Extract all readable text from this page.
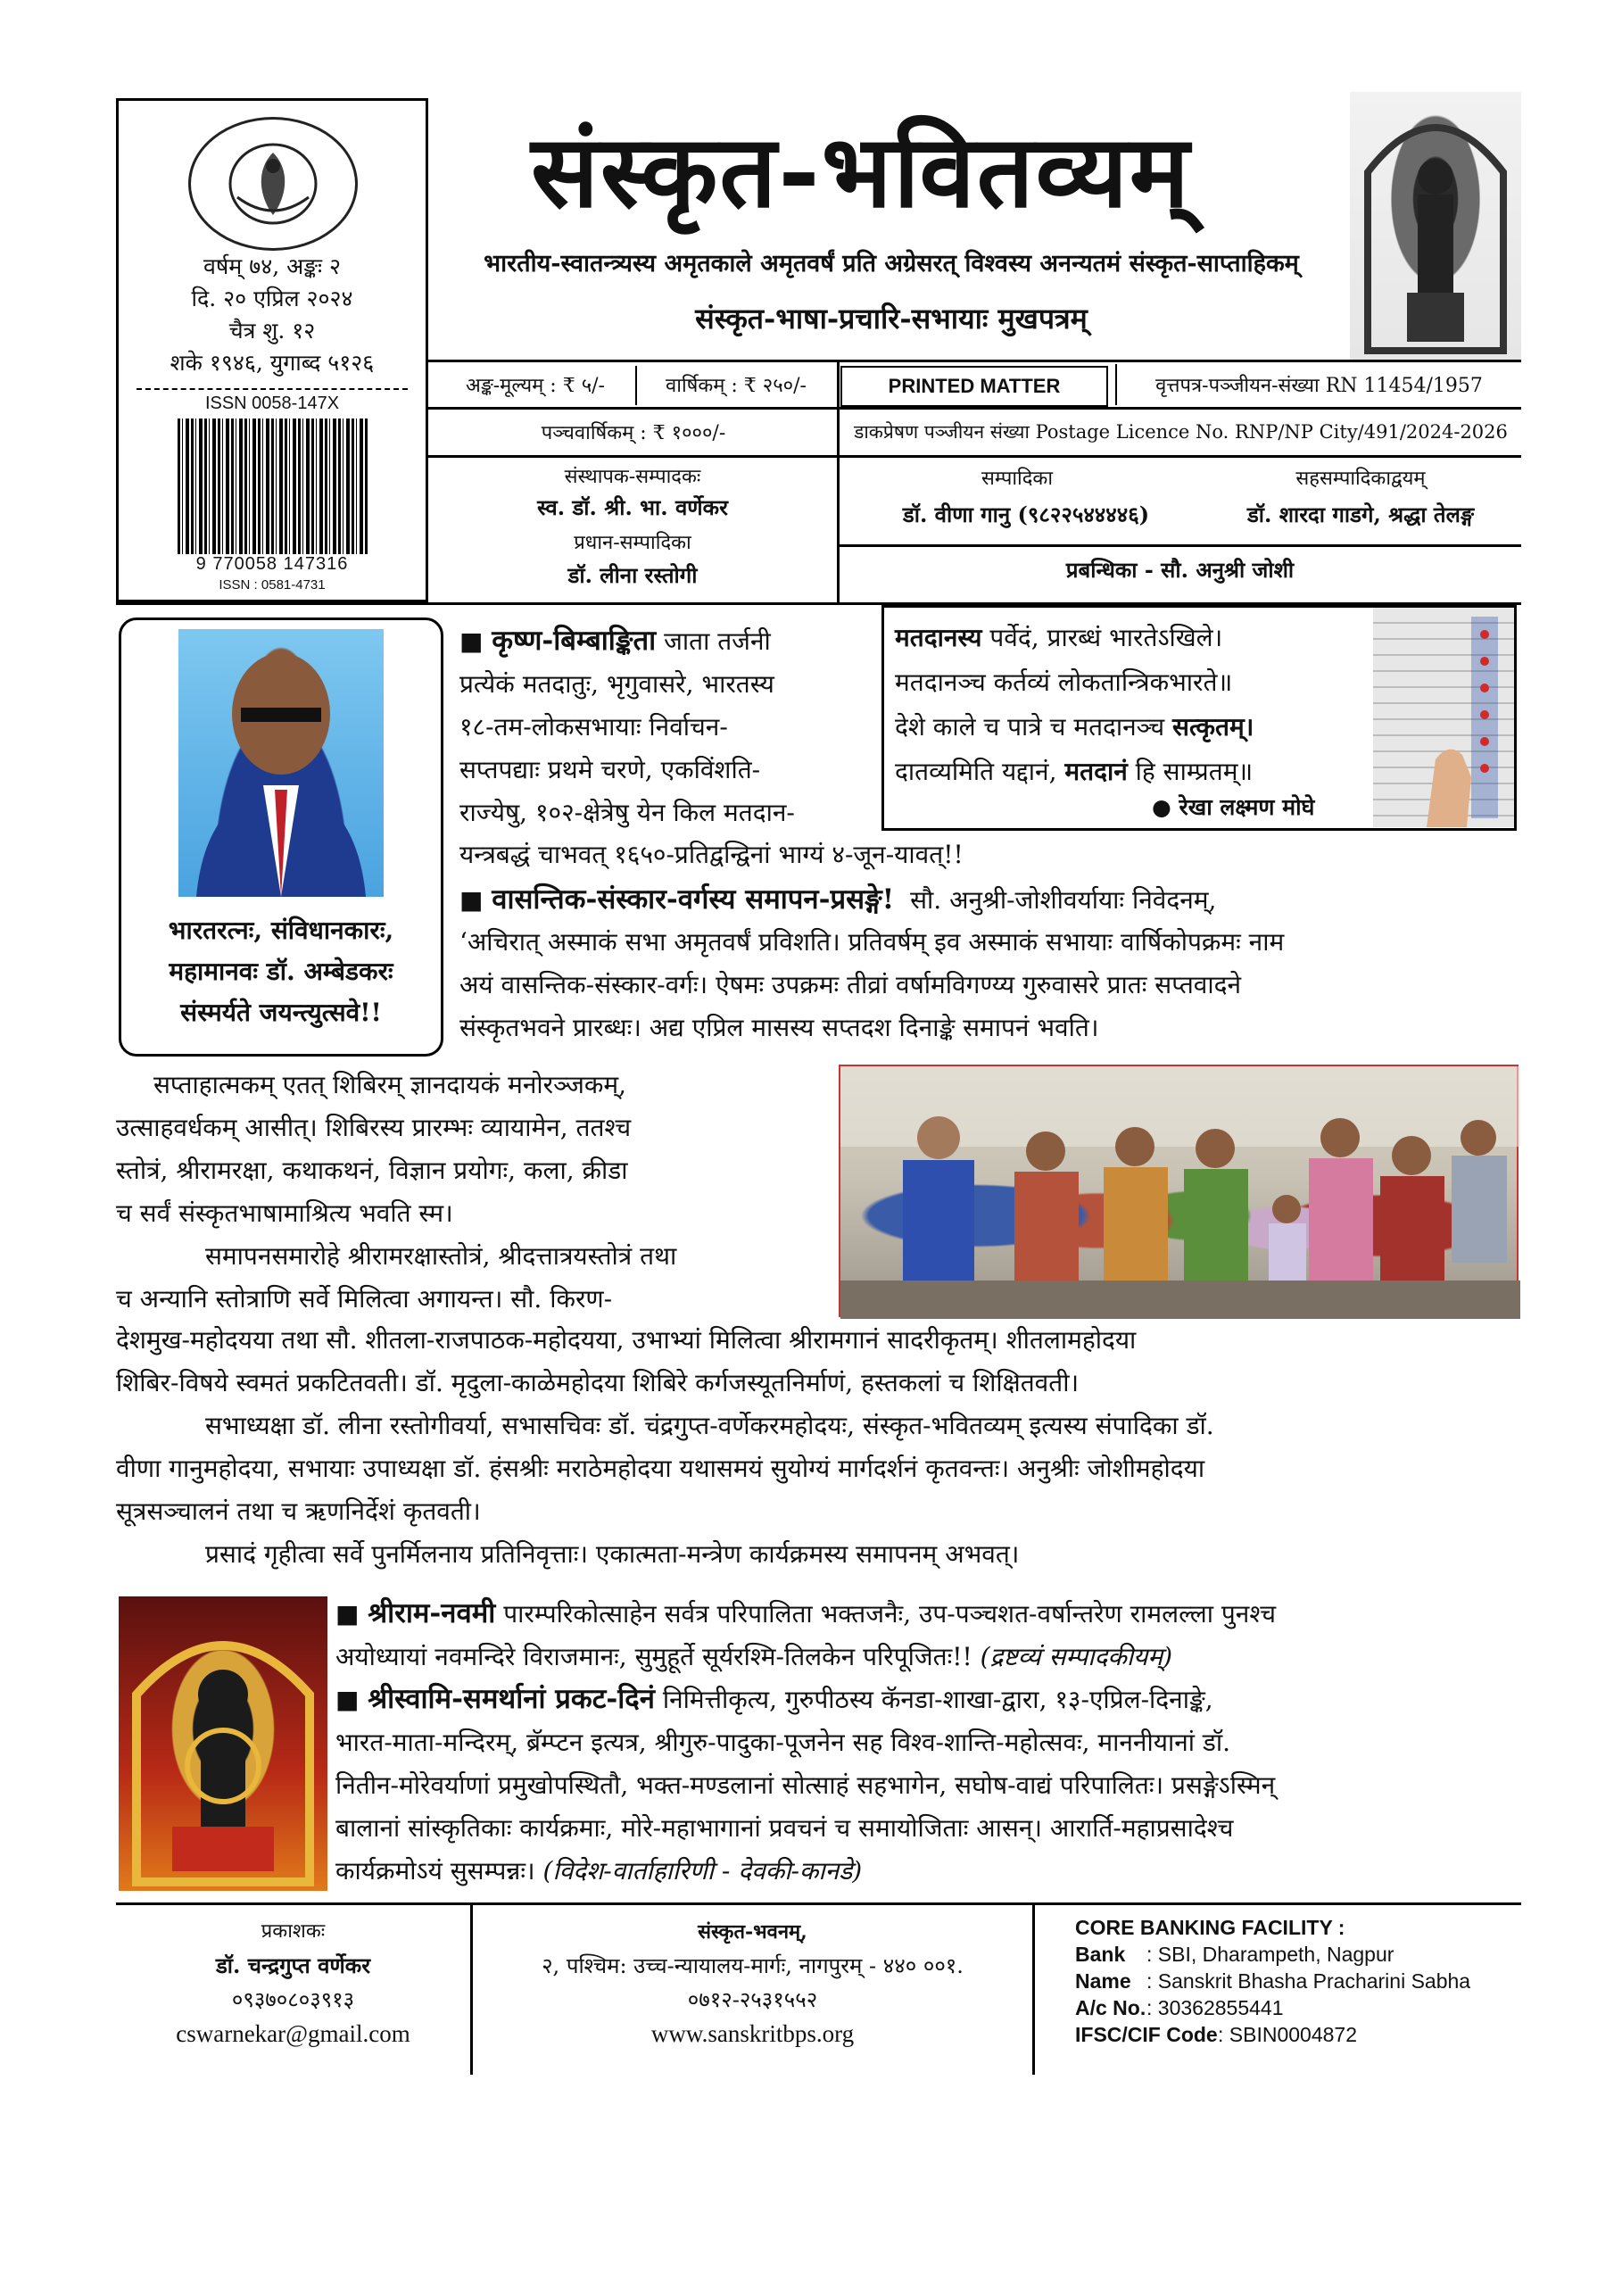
वर्षम् ७४, अङ्कः २
दि. २० एप्रिल २०२४
चैत्र शु. १२
शके १९४६, युगाब्द ५१२६
ISSN 0058-147X
9 770058 147316
ISSN : 0581-4731
संस्कृत-भवितव्यम्
भारतीय-स्वातन्त्र्यस्य अमृतकाले अमृतवर्षं प्रति अग्रेसरत् विश्वस्य अनन्यतमं संस्कृत-साप्ताहिकम्
संस्कृत-भाषा-प्रचारि-सभायाः मुखपत्रम्
अङ्क-मूल्यम् : ₹ ५/-	वार्षिकम् : ₹ २५०/-	PRINTED MATTER	वृत्तपत्र-पञ्जीयन-संख्या RN 11454/1957
पञ्चवार्षिकम् : ₹ १०००/-	डाकप्रेषण पञ्जीयन संख्या Postage Licence No. RNP/NP City/491/2024-2026
संस्थापक-सम्पादकः
स्व. डॉ. श्री. भा. वर्णेकर
प्रधान-सम्पादिका
डॉ. लीना रस्तोगी
सम्पादिका
डॉ. वीणा गानु (९८२२५४४४४६)
सहसम्पादिकाद्वयम्
डॉ. शारदा गाडगे, श्रद्धा तेलङ्ग
प्रबन्धिका - सौ. अनुश्री जोशी
भारतरत्नः, संविधानकारः,
महामानवः डॉ. अम्बेडकरः
संस्मर्यते जयन्त्युत्सवे!!
मतदानस्य पर्वेदं, प्रारब्धं भारतेऽखिले।
मतदानञ्च कर्तव्यं लोकतान्त्रिकभारते॥
देशे काले च पात्रे च मतदानञ्च सत्कृतम्।
दातव्यमिति यद्दानं, मतदानं हि साम्प्रतम्॥
● रेखा लक्ष्मण मोघे
■ कृष्ण-बिम्बाङ्किता जाता तर्जनी
प्रत्येकं मतदातुः, भृगुवासरे, भारतस्य
१८-तम-लोकसभायाः निर्वाचन-
सप्तपद्याः प्रथमे चरणे, एकविंशति-
राज्येषु, १०२-क्षेत्रेषु येन किल मतदान-
यन्त्रबद्धं चाभवत् १६५०-प्रतिद्वन्द्विनां भाग्यं ४-जून-यावत्!!
■ वासन्तिक-संस्कार-वर्गस्य समापन-प्रसङ्गे! सौ. अनुश्री-जोशीवर्यायाः निवेदनम्,
‘अचिरात् अस्माकं सभा अमृतवर्षं प्रविशति। प्रतिवर्षम् इव अस्माकं सभायाः वार्षिकोपक्रमः नाम
अयं वासन्तिक-संस्कार-वर्गः। ऐषमः उपक्रमः तीव्रां वर्षामविगण्य्य गुरुवासरे प्रातः सप्तवादने
संस्कृतभवने प्रारब्धः। अद्य एप्रिल मासस्य सप्तदश दिनाङ्के समापनं भवति।
सप्ताहात्मकम् एतत् शिबिरम् ज्ञानदायकं मनोरञ्जकम्,
उत्साहवर्धकम् आसीत्। शिबिरस्य प्रारम्भः व्यायामेन, ततश्च
स्तोत्रं, श्रीरामरक्षा, कथाकथनं, विज्ञान प्रयोगः, कला, क्रीडा
च सर्वं संस्कृतभाषामाश्रित्य भवति स्म।
समापनसमारोहे श्रीरामरक्षास्तोत्रं, श्रीदत्तात्रयस्तोत्रं तथा
च अन्यानि स्तोत्राणि सर्वे मिलित्वा अगायन्त। सौ. किरण-
देशमुख-महोदयया तथा सौ. शीतला-राजपाठक-महोदयया, उभाभ्यां मिलित्वा श्रीरामगानं सादरीकृतम्। शीतलामहोदया
शिबिर-विषये स्वमतं प्रकटितवती। डॉ. मृदुला-काळेमहोदया शिबिरे कर्गजस्यूतनिर्माणं, हस्तकलां च शिक्षितवती।
सभाध्यक्षा डॉ. लीना रस्तोगीवर्या, सभासचिवः डॉ. चंद्रगुप्त-वर्णेकरमहोदयः, संस्कृत-भवितव्यम् इत्यस्य संपादिका डॉ.
वीणा गानुमहोदया, सभायाः उपाध्यक्षा डॉ. हंसश्रीः मराठेमहोदया यथासमयं सुयोग्यं मार्गदर्शनं कृतवन्तः। अनुश्रीः जोशीमहोदया
सूत्रसञ्चालनं तथा च ऋणनिर्देशं कृतवती।
प्रसादं गृहीत्वा सर्वे पुनर्मिलनाय प्रतिनिवृत्ताः। एकात्मता-मन्त्रेण कार्यक्रमस्य समापनम् अभवत्।
■ श्रीराम-नवमी पारम्परिकोत्साहेन सर्वत्र परिपालिता भक्तजनैः, उप-पञ्चशत-वर्षान्तरेण रामलल्ला पुनश्च
अयोध्यायां नवमन्दिरे विराजमानः, सुमुहूर्ते सूर्यरश्मि-तिलकेन परिपूजितः!! (द्रष्टव्यं सम्पादकीयम्)
■ श्रीस्वामि-समर्थानां प्रकट-दिनं निमित्तीकृत्य, गुरुपीठस्य कॅनडा-शाखा-द्वारा, १३-एप्रिल-दिनाङ्के,
भारत-माता-मन्दिरम्, ब्रॅम्प्टन इत्यत्र, श्रीगुरु-पादुका-पूजनेन सह विश्व-शान्ति-महोत्सवः, माननीयानां डॉ.
नितीन-मोरेवर्याणां प्रमुखोपस्थितौ, भक्त-मण्डलानां सोत्साहं सहभागेन, सघोष-वाद्यं परिपालितः। प्रसङ्गेऽस्मिन्
बालानां सांस्कृतिकाः कार्यक्रमाः, मोरे-महाभागानां प्रवचनं च समायोजिताः आसन्। आरार्ति-महाप्रसादेश्च
कार्यक्रमोऽयं सुसम्पन्नः। (विदेश-वार्ताहारिणी - देवकी-कानडे)
प्रकाशकः
डॉ. चन्द्रगुप्त वर्णेकर
०९३७०८०३९१३
cswarnekar@gmail.com
संस्कृत-भवनम्,
२, पश्चिम: उच्च-न्यायालय-मार्गः, नागपुरम् - ४४० ००१.
०७१२-२५३१५५२
www.sanskritbps.org
CORE BANKING FACILITY :
Bank	: SBI, Dharampeth, Nagpur
Name : Sanskrit Bhasha Pracharini Sabha
A/c No. : 30362855441
IFSC/CIF Code : SBIN0004872
